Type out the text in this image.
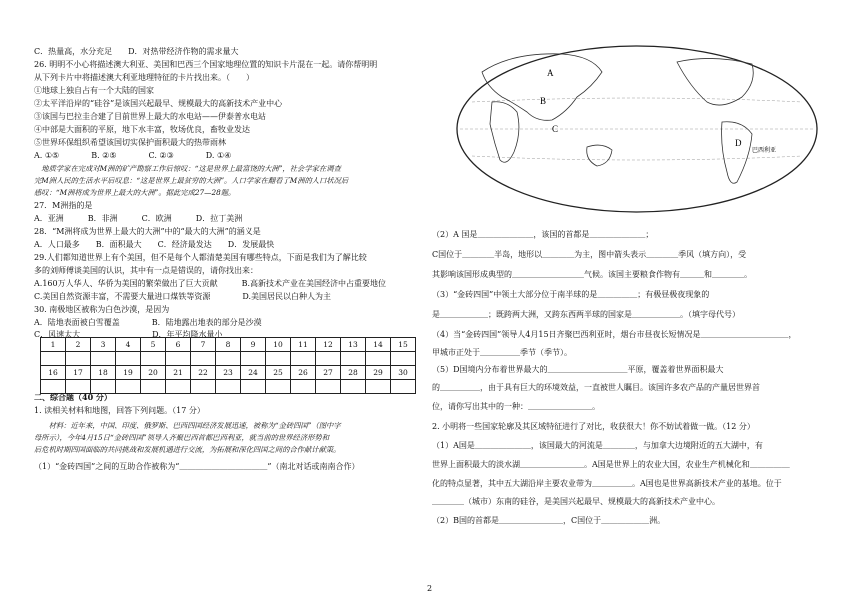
C．热量高，水分充足　　D．对热带经济作物的需求量大
26. 明明不小心将描述澳大利亚、美国和巴西三个国家地理位置的知识卡片混在一起。请你帮明明
从下列卡片中将描述澳大利亚地理特征的卡片找出来。（　　）
①地球上独自占有一个大陆的国家
②太平洋沿岸的“硅谷”是该国兴起最早、规模最大的高新技术产业中心
③该国与巴拉圭合建了目前世界上最大的水电站——伊泰普水电站
④中部是大面积的平原，地下水丰富，牧场优良，畜牧业发达
⑤世界环保组织希望该国切实保护面积最大的热带雨林
A. ①⑤　　　　B. ②⑤　　　　C. ②③　　　　D. ①④
　地质学家在完成对M洲的矿产勘察工作后惊叹：“这是世界上最富饶的大洲”，社会学家在调查
完M洲人民的生活水平后叹息：“这是世界上最贫穷的大洲”。人口学家在翻看了M洲的人口状况后
感叹：“M洲将成为世界上最大的大洲”。据此完成27—28题。
27．M洲指的是
A．亚洲　　　B．非洲　　　C．欧洲　　　D．拉丁美洲
28．“M洲将成为世界上最大的大洲”中的“最大的大洲”的涵义是
A．人口最多　　B．面积最大　　C．经济最发达　　D．发展最快
29.人们都知道世界上有个美国，但不是每个人都清楚美国有哪些特点，下面是我们为了解比较
多的刘师傅谈美国的认识，其中有一点是错误的，请你找出来：
A.160万人华人、华侨为美国的繁荣做出了巨大贡献　　　B.高新技术产业在美国经济中占重要地位
C.美国自然资源丰富，不需要大量进口煤铁等资源　　　　D.美国居民以白种人为主
30. 南极地区被称为白色沙漠，是因为
A．陆地表面被白雪覆盖　　　　B．陆地露出地表的部分是沙漠
C．风速太大　　　　　　　　　D．年平均降水量小
1	2	3	4	5	6	7	8	9	10	11	12	13	14	15

16	17	18	19	20	21	22	23	24	25	26	27	28	29	30

二、综合题（40 分）
1. 读相关材料和地图，回答下列问题。（17 分）
　　材料：近年来，中国、印度、俄罗斯、巴西四国经济发展迅速，被称为“金砖四国”（图中字
母所示），今年4月15日“金砖四国”领导人齐聚巴西首都巴西利亚，就当前的世界经济形势和
后危机时期四国面临的共同挑战和发展机遇进行交流，为拓展和深化四国之间的合作献计献策。
（1）“金砖四国”之间的互助合作被称为“＿＿＿＿＿＿＿＿＿＿＿”（南北对话或南南合作）
A
B
C
D
巴西利亚
（2）A 国是＿＿＿＿＿＿＿，该国的首都是＿＿＿＿＿＿＿；
C国位于＿＿＿＿半岛，地形以＿＿＿＿为主，图中箭头表示＿＿＿＿季风（填方向），受
其影响该国形成典型的＿＿＿＿＿＿＿＿＿气候。该国主要粮食作物有＿＿＿和＿＿＿＿。
（3）“金砖四国”中领土大部分位于南半球的是＿＿＿＿＿；有极昼极夜现象的
是＿＿＿＿＿＿；既跨两大洲，又跨东西两半球的国家是＿＿＿＿＿＿。（填字母代号）
（4）当“金砖四国”领导人4月15日齐聚巴西利亚时，烟台市昼夜长短情况是＿＿＿＿＿＿＿＿＿＿＿，
甲城市正处于＿＿＿＿＿季节（季节）。
（5）D国境内分布着世界最大的＿＿＿＿＿＿＿＿＿＿平原，覆盖着世界面积最大
的＿＿＿＿＿，由于具有巨大的环境效益，一直被世人瞩目。该国许多农产品的产量居世界首
位，请你写出其中的一种：＿＿＿＿＿＿＿＿。
2. 小明将一些国家轮廓及其区域特征进行了对比，收获很大！你不妨试着做一做。（12 分）
（1）A国是＿＿＿＿＿＿＿，该国最大的河流是＿＿＿＿，与加拿大边境附近的五大湖中，有
世界上面积最大的淡水湖＿＿＿＿＿＿＿＿。A国是世界上的农业大国，农业生产机械化和＿＿＿＿＿
化的特点显著，其中五大湖沿岸主要农业带为＿＿＿＿＿。A国也是世界高新技术产业的基地。位于
＿＿＿＿（城市）东南的硅谷，是美国兴起最早、规模最大的高新技术产业中心。
（2）B国的首都是＿＿＿＿＿＿＿＿，C国位于＿＿＿＿＿＿洲。
2
